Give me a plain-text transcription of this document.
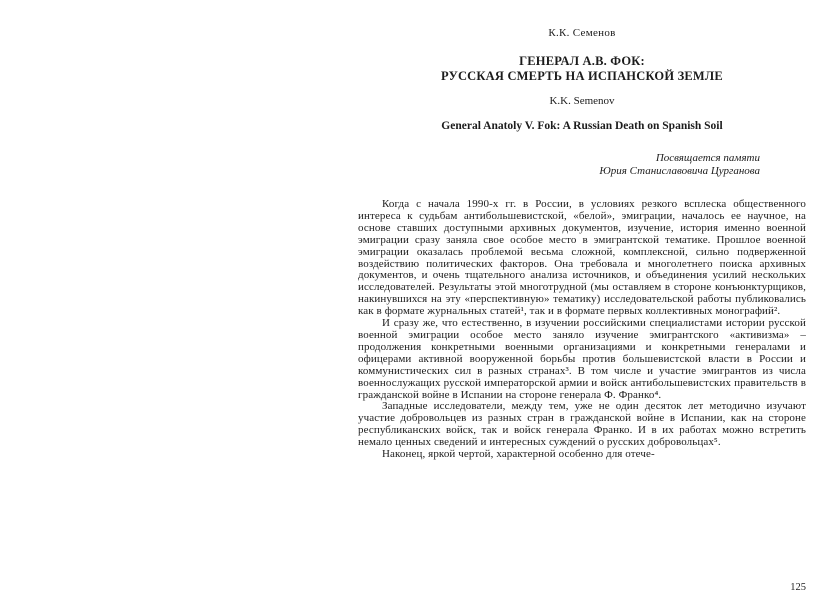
К.К. Семенов
ГЕНЕРАЛ А.В. ФОК:
РУССКАЯ СМЕРТЬ НА ИСПАНСКОЙ ЗЕМЛЕ
K.K. Semenov
General Anatoly V. Fok: A Russian Death on Spanish Soil
Посвящается памяти
Юрия Станиславовича Цурганова

Когда с начала 1990-х гг. в России, в условиях резкого всплеска общественного интереса к судьбам антибольшевистской, «белой», эмиграции, началось ее научное, на основе ставших доступными архивных документов, изучение, история именно военной эмиграции сразу заняла свое особое место в эмигрантской тематике. Прошлое военной эмиграции оказалась проблемой весьма сложной, комплексной, сильно подверженной воздействию политических факторов. Она требовала и многолетнего поиска архивных документов, и очень тщательного анализа источников, и объединения усилий нескольких исследователей. Результаты этой многотрудной (мы оставляем в стороне конъюнктурщиков, накинувшихся на эту «перспективную» тематику) исследовательской работы публиковались как в формате журнальных статей¹, так и в формате первых коллективных монографий².

И сразу же, что естественно, в изучении российскими специалистами истории русской военной эмиграции особое место заняло изучение эмигрантского «активизма» – продолжения конкретными военными организациями и конкретными генералами и офицерами активной вооруженной борьбы против большевистской власти в России и коммунистических сил в разных странах³. В том числе и участие эмигрантов из числа военнослужащих русской императорской армии и войск антибольшевистских правительств в гражданской войне в Испании на стороне генерала Ф. Франко⁴.

Западные исследователи, между тем, уже не один десяток лет методично изучают участие добровольцев из разных стран в гражданской войне в Испании, как на стороне республиканских войск, так и войск генерала Франко. И в их работах можно встретить немало ценных сведений и интересных суждений о русских добровольцах⁵.

Наконец, яркой чертой, характерной особенно для отече-

125
